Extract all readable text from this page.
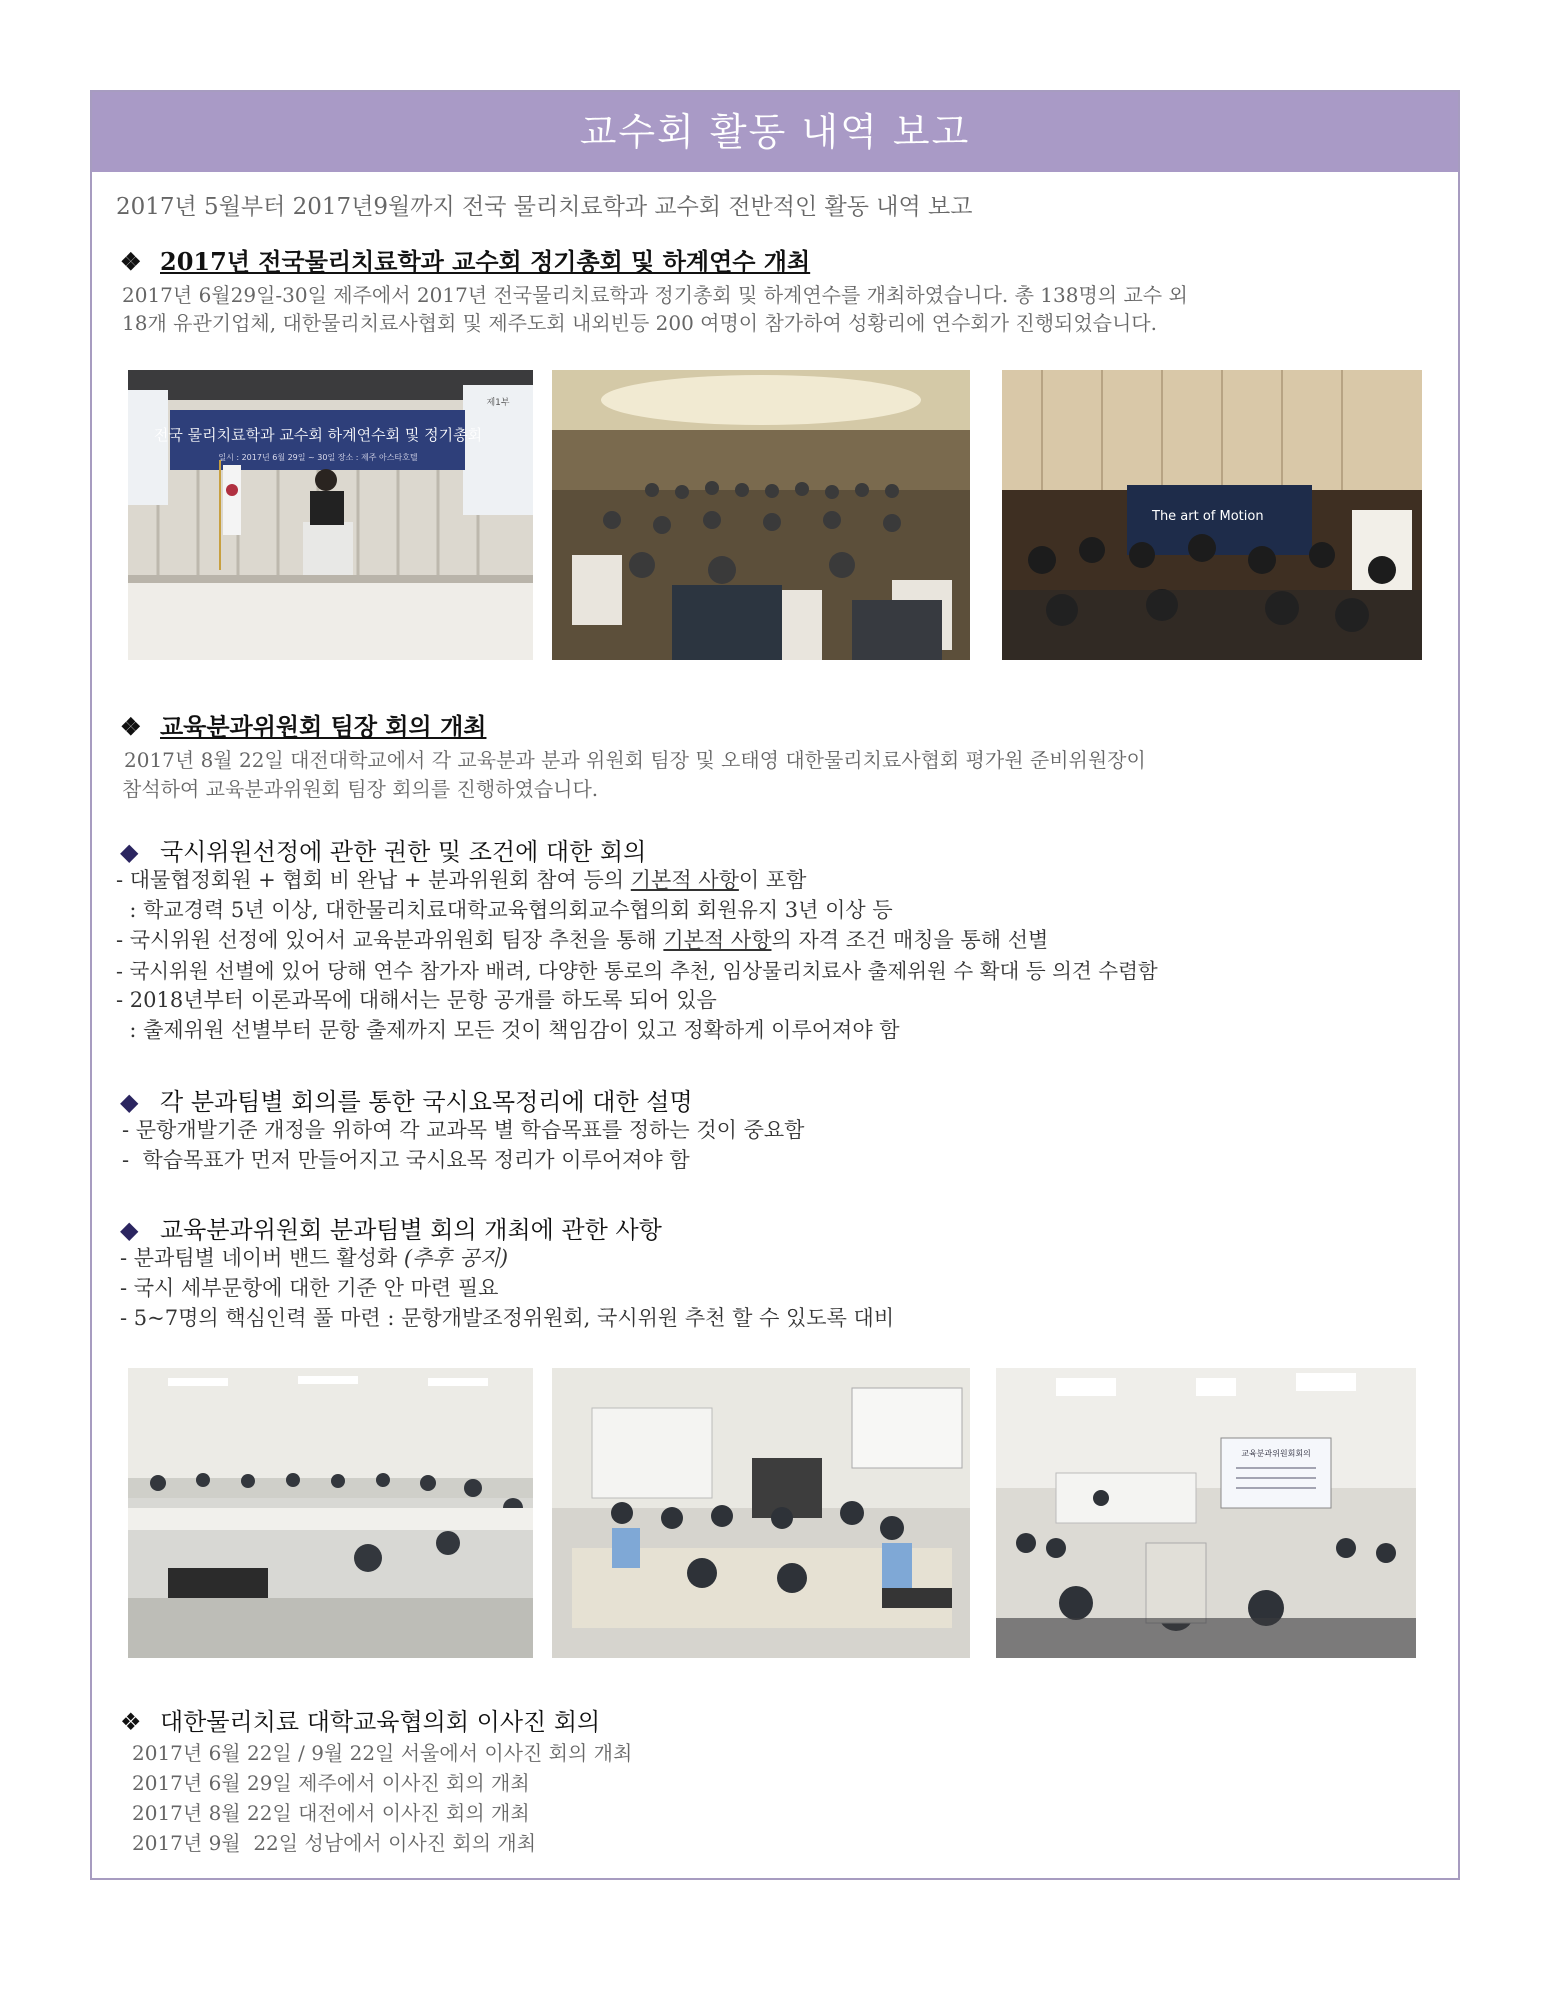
교수회 활동 내역 보고
2017년 5월부터 2017년9월까지 전국 물리치료학과 교수회 전반적인 활동 내역 보고
❖ 2017년 전국물리치료학과 교수회 정기총회 및 하계연수 개최
2017년 6월29일-30일 제주에서 2017년 전국물리치료학과 정기총회 및 하계연수를 개최하였습니다. 총 138명의 교수 외
18개 유관기업체, 대한물리치료사협회 및 제주도회 내외빈등 200 여명이 참가하여 성황리에 연수회가 진행되었습니다.
전국 물리치료학과 교수회 하계연수회 및 정기총회
일시 : 2017년 6월 29일 ~ 30일 장소 : 제주 아스타호텔
제1부
The art of Motion
❖ 교육분과위원회 팀장 회의 개최
2017년 8월 22일 대전대학교에서 각 교육분과 분과 위원회 팀장 및 오태영 대한물리치료사협회 평가원 준비위원장이
참석하여 교육분과위원회 팀장 회의를 진행하였습니다.
◆ 국시위원선정에 관한 권한 및 조건에 대한 회의
- 대물협정회원 + 협회 비 완납 + 분과위원회 참여 등의 기본적 사항이 포함
: 학교경력 5년 이상, 대한물리치료대학교육협의회교수협의회 회원유지 3년 이상 등
- 국시위원 선정에 있어서 교육분과위원회 팀장 추천을 통해 기본적 사항의 자격 조건 매칭을 통해 선별
- 국시위원 선별에 있어 당해 연수 참가자 배려, 다양한 통로의 추천, 임상물리치료사 출제위원 수 확대 등 의견 수렴함
- 2018년부터 이론과목에 대해서는 문항 공개를 하도록 되어 있음
: 출제위원 선별부터 문항 출제까지 모든 것이 책임감이 있고 정확하게 이루어져야 함
◆ 각 분과팀별 회의를 통한 국시요목정리에 대한 설명
- 문항개발기준 개정을 위하여 각 교과목 별 학습목표를 정하는 것이 중요함
-  학습목표가 먼저 만들어지고 국시요목 정리가 이루어져야 함
◆ 교육분과위원회 분과팀별 회의 개최에 관한 사항
- 분과팀별 네이버 밴드 활성화 (추후 공지)
- 국시 세부문항에 대한 기준 안 마련 필요
- 5~7명의 핵심인력 풀 마련 : 문항개발조정위원회, 국시위원 추천 할 수 있도록 대비
교육분과위원회회의
❖ 대한물리치료 대학교육협의회 이사진 회의
2017년 6월 22일 / 9월 22일 서울에서 이사진 회의 개최
2017년 6월 29일 제주에서 이사진 회의 개최
2017년 8월 22일 대전에서 이사진 회의 개최
2017년 9월  22일 성남에서 이사진 회의 개최
